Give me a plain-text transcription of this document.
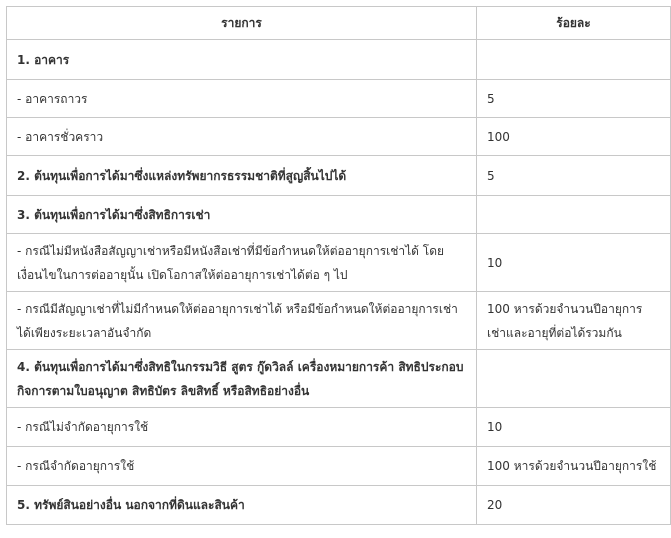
รายการ	ร้อยละ
1. อาคาร	
- อาคารถาวร	5
- อาคารชั่วคราว	100
2. ต้นทุนเพื่อการได้มาซึ่งแหล่งทรัพยากรธรรมชาติที่สูญสิ้นไปได้	5
3. ต้นทุนเพื่อการได้มาซึ่งสิทธิการเช่า	
- กรณีไม่มีหนังสือสัญญาเช่าหรือมีหนังสือเช่าที่มีข้อกำหนดให้ต่ออายุการเช่าได้ โดยเงื่อนไขในการต่ออายุนั้น เปิดโอกาสให้ต่ออายุการเช่าได้ต่อ ๆ ไป	10
- กรณีมีสัญญาเช่าที่ไม่มีกำหนดให้ต่ออายุการเช่าได้ หรือมีข้อกำหนดให้ต่ออายุการเช่าได้เพียงระยะเวลาอันจำกัด	100 หารด้วยจำนวนปีอายุการเช่าและอายุที่ต่อได้รวมกัน
4. ต้นทุนเพื่อการได้มาซึ่งสิทธิในกรรมวิธี สูตร กู๊ดวิลล์ เครื่องหมายการค้า สิทธิประกอบกิจการตามใบอนุญาต สิทธิบัตร ลิขสิทธิ์ หรือสิทธิอย่างอื่น	
- กรณีไม่จำกัดอายุการใช้	10
- กรณีจำกัดอายุการใช้	100 หารด้วยจำนวนปีอายุการใช้
5. ทรัพย์สินอย่างอื่น นอกจากที่ดินและสินค้า	20
